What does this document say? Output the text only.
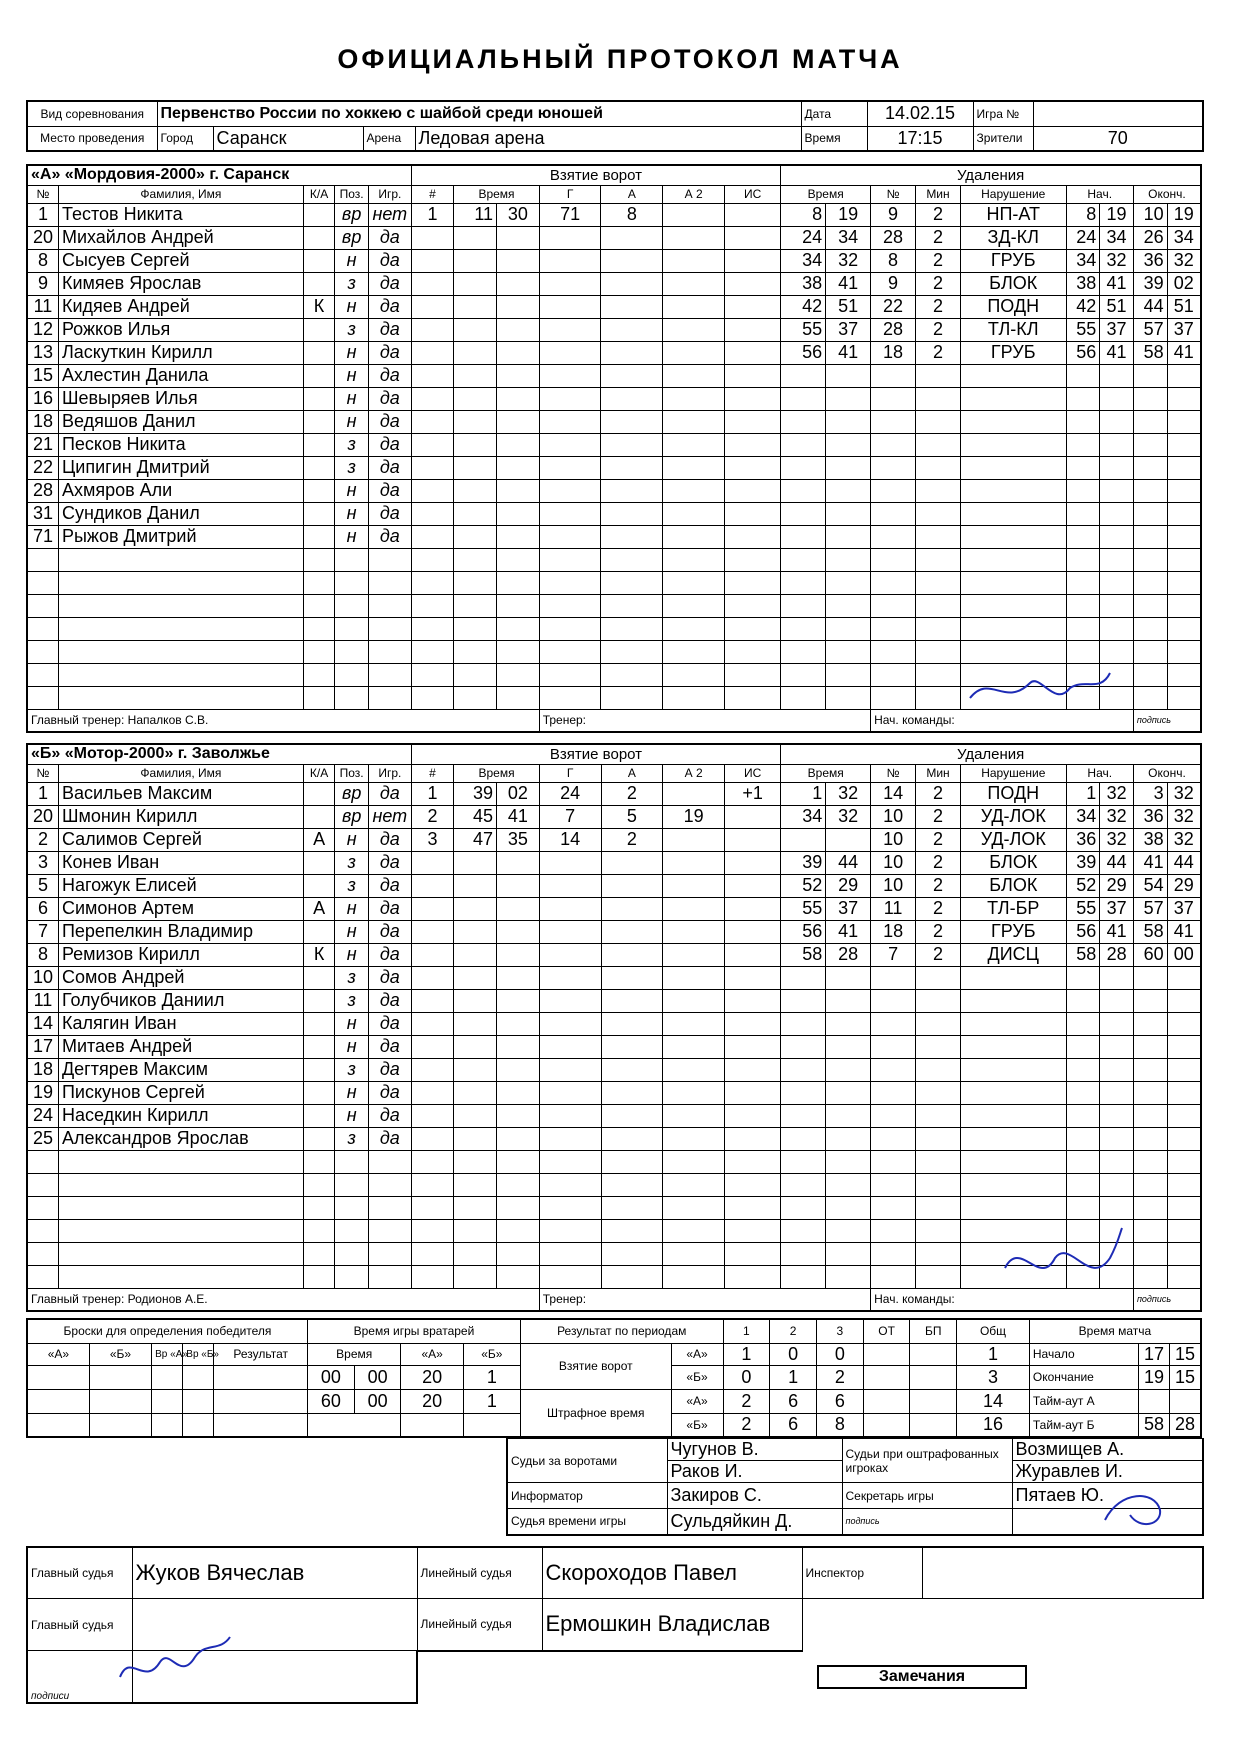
ОФИЦИАЛЬНЫЙ ПРОТОКОЛ МАТЧА
Вид соревнования	Первенство России по хоккею с шайбой среди юношей				Дата	14.02.15	Игра №	
Место проведения	Город	Саранск	Арена	Ледовая арена	Время	17:15	Зрители	70
«А» «Мордовия-2000» г. Саранск					Взятие ворот							Удаления								
№	Фамилия, Имя	К/А	Поз.	Игр.	#	Время		Г	А	А 2	ИС	Время		№	Мин	Нарушение	Нач.		Оконч.	
1	Тестов Никита		вр	нет	1	11	30	71	8			8	19	9	2	НП-АТ	8	19	10	19
20	Михайлов Андрей		вр	да								24	34	28	2	ЗД-КЛ	24	34	26	34
8	Сысуев Сергей		н	да								34	32	8	2	ГРУБ	34	32	36	32
9	Кимяев Ярослав		з	да								38	41	9	2	БЛОК	38	41	39	02
11	Кидяев Андрей	К	н	да								42	51	22	2	ПОДН	42	51	44	51
12	Рожков Илья		з	да								55	37	28	2	ТЛ-КЛ	55	37	57	37
13	Ласкуткин Кирилл		н	да								56	41	18	2	ГРУБ	56	41	58	41
15	Ахлестин Данила		н	да																
16	Шевыряев Илья		н	да																
18	Ведяшов Данил		н	да																
21	Песков Никита		з	да																
22	Ципигин Дмитрий		з	да																
28	Ахмяров Али		н	да																
31	Сундиков Данил		н	да																
71	Рыжов Дмитрий		н	да																

Главный тренер: Напалков С.В.								Тренер:						Нач. команды:					подпись	
«Б» «Мотор-2000» г. Заволжье					Взятие ворот							Удаления								
№	Фамилия, Имя	К/А	Поз.	Игр.	#	Время		Г	А	А 2	ИС	Время		№	Мин	Нарушение	Нач.		Оконч.	
1	Васильев Максим		вр	да	1	39	02	24	2		+1	1	32	14	2	ПОДН	1	32	3	32
20	Шмонин Кирилл		вр	нет	2	45	41	7	5	19		34	32	10	2	УД-ЛОК	34	32	36	32
2	Салимов Сергей	А	н	да	3	47	35	14	2					10	2	УД-ЛОК	36	32	38	32
3	Конев Иван		з	да								39	44	10	2	БЛОК	39	44	41	44
5	Нагожук Елисей		з	да								52	29	10	2	БЛОК	52	29	54	29
6	Симонов Артем	А	н	да								55	37	11	2	ТЛ-БР	55	37	57	37
7	Перепелкин Владимир		н	да								56	41	18	2	ГРУБ	56	41	58	41
8	Ремизов Кирилл	К	н	да								58	28	7	2	ДИСЦ	58	28	60	00
10	Сомов Андрей		з	да																
11	Голубчиков Даниил		з	да																
14	Калягин Иван		н	да																
17	Митаев Андрей		н	да																
18	Дегтярев Максим		з	да																
19	Пискунов Сергей		н	да																
24	Наседкин Кирилл		н	да																
25	Александров Ярослав		з	да																

Главный тренер: Родионов А.Е.								Тренер:						Нач. команды:					подпись	
Броски для определения победителя					Время игры вратарей				Результат по периодам		1	2	3	ОТ	БП	Общ	Время матча		
«А»	«Б»	Вр «А»	Вр «Б»	Результат	Время		«А»	«Б»	Взятие ворот	«А»	1	0	0			1	Начало	17	15
					00	00	20	1		«Б»	0	1	2			3	Окончание	19	15
					60	00	20	1	Штрафное время	«А»	2	6	6			14	Тайм-аут А		
										«Б»	2	6	8			16	Тайм-аут Б	58	28
Судьи за воротами	Чугунов В.	Судьи при оштрафованных игроках	Возмищев А.
	Раков И.		Журавлев И.
Информатор	Закиров С.	Секретарь игры	Пятаев Ю.
Судья времени игры	Сульдяйкин Д.	подпись	
Главный судья	Жуков Вячеслав	Линейный судья	Скороходов Павел	Инспектор	
Главный судья		Линейный судья	Ермошкин Владислав		
подписи				Замечания	
